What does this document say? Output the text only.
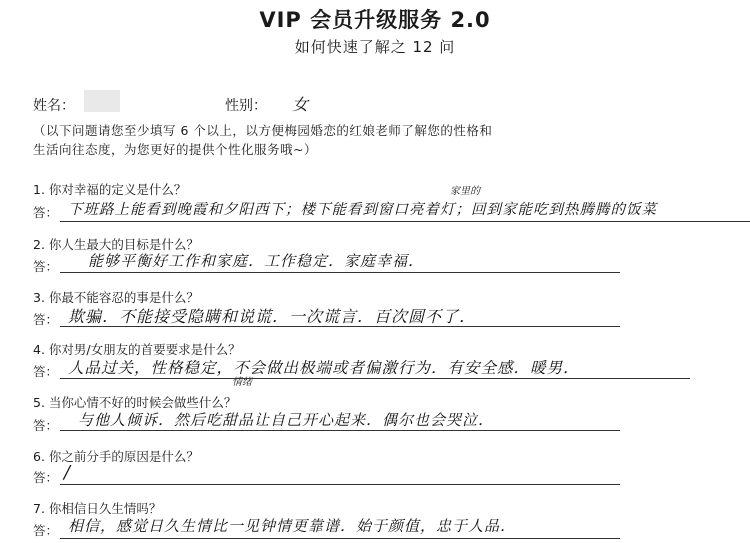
VIP 会员升级服务 2.0
如何快速了解之 12 问
姓名：	性别： 女
（以下问题请您至少填写 6 个以上，以方便梅园婚恋的红娘老师了解您的性格和
生活向往态度，为您更好的提供个性化服务哦~）
1. 你对幸福的定义是什么？
答：
家里的
下班路上能看到晚霞和夕阳西下；楼下能看到窗口亮着灯；回到家能吃到热腾腾的饭菜
2. 你人生最大的目标是什么？
答： 能够平衡好工作和家庭．工作稳定．家庭幸福．
3. 你最不能容忍的事是什么？
答： 欺骗．不能接受隐瞒和说谎．一次谎言．百次圆不了．
4. 你对男/女朋友的首要要求是什么？
答：
情绪
人品过关，性格稳定，不会做出极端或者偏激行为．有安全感．暖男．
5. 当你心情不好的时候会做些什么？
答： 与他人倾诉．然后吃甜品让自己开心起来．偶尔也会哭泣．
6. 你之前分手的原因是什么？
答： /
7. 你相信日久生情吗？
答： 相信，感觉日久生情比一见钟情更靠谱．始于颜值，忠于人品．
